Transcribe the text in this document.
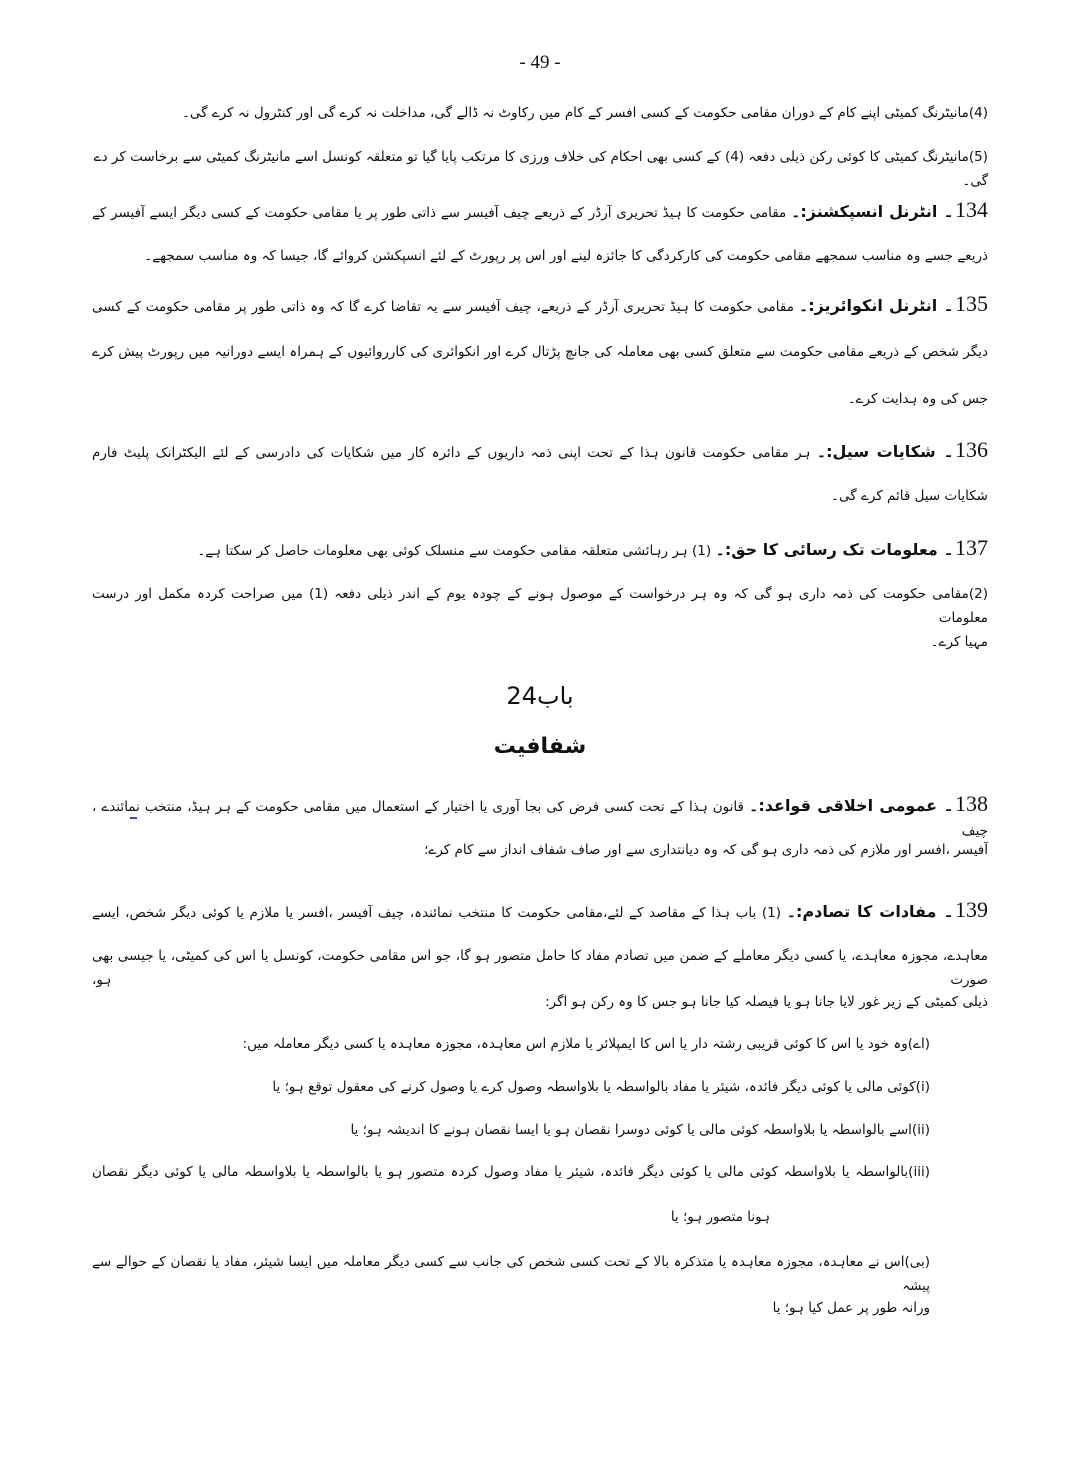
- 49 -
(4)مانیٹرنگ کمیٹی اپنے کام کے دوران مقامی حکومت کے کسی افسر کے کام میں رکاوٹ نہ ڈالے گی، مداخلت نہ کرے گی اور کنٹرول نہ کرے گی۔
(5)مانیٹرنگ کمیٹی کا کوئی رکن ذیلی دفعہ (4) کے کسی بھی احکام کی خلاف ورزی کا مرتکب پایا گیا تو متعلقہ کونسل اسے مانیٹرنگ کمیٹی سے برخاست کر دے گی۔
134۔ انٹرنل انسپکشنز:۔ مقامی حکومت کا ہیڈ تحریری آرڈر کے ذریعے چیف آفیسر سے ذاتی طور پر یا مقامی حکومت کے کسی دیگر ایسے آفیسر کے
ذریعے جسے وہ مناسب سمجھے مقامی حکومت کی کارکردگی کا جائزہ لینے اور اس پر رپورٹ کے لئے انسپکشن کروائے گا، جیسا کہ وہ مناسب سمجھے۔
135۔ انٹرنل انکوائریز:۔ مقامی حکومت کا ہیڈ تحریری آرڈر کے ذریعے، چیف آفیسر سے یہ تقاضا کرے گا کہ وہ ذاتی طور پر مقامی حکومت کے کسی
دیگر شخص کے ذریعے مقامی حکومت سے متعلق کسی بھی معاملہ کی جانچ پڑتال کرے اور انکوائری کی کارروائیوں کے ہمراہ ایسے دورانیہ میں رپورٹ پیش کرے
جس کی وہ ہدایت کرے۔
136۔ شکایات سیل:۔ ہر مقامی حکومت قانون ہذا کے تحت اپنی ذمہ داریوں کے دائرہ کار میں شکایات کی دادرسی کے لئے الیکٹرانک پلیٹ فارم
شکایات سیل قائم کرے گی۔
137۔ معلومات تک رسائی کا حق:۔ (1) ہر رہائشی متعلقہ مقامی حکومت سے منسلک کوئی بھی معلومات حاصل کر سکتا ہے۔
(2)مقامی حکومت کی ذمہ داری ہو گی کہ وہ ہر درخواست کے موصول ہونے کے چودہ یوم کے اندر ذیلی دفعہ (1) میں صراحت کردہ مکمل اور درست معلومات
مہیا کرے۔
باب24
شفافیت
138۔ عمومی اخلاقی قواعد:۔ قانون ہذا کے تحت کسی فرض کی بجا آوری یا اختیار کے استعمال میں مقامی حکومت کے ہر ہیڈ، منتخب نمائندے ، چیف
آفیسر ،افسر اور ملازم کی ذمہ داری ہو گی کہ وہ دیانتداری سے اور صاف شفاف انداز سے کام کرے؛
139۔ مفادات کا تصادم:۔ (1) باب ہذا کے مقاصد کے لئے،مقامی حکومت کا منتخب نمائندہ، چیف آفیسر ،افسر یا ملازم یا کوئی دیگر شخص، ایسے
معاہدے، مجوزہ معاہدے، یا کسی دیگر معاملے کے ضمن میں تصادم مفاد کا حامل متصور ہو گا، جو اس مقامی حکومت، کونسل یا اس کی کمیٹی، یا جیسی بھی صورت ہو،
ذیلی کمیٹی کے زیر غور لایا جانا ہو یا فیصلہ کیا جانا ہو جس کا وہ رکن ہو اگر:
(اے)وہ خود یا اس کا کوئی قریبی رشتہ دار یا اس کا ایمپلائر یا ملازم اس معاہدہ، مجوزہ معاہدہ یا کسی دیگر معاملہ میں:
(i)کوئی مالی یا کوئی دیگر فائدہ، شیئر یا مفاد بالواسطہ یا بلاواسطہ وصول کرے یا وصول کرنے کی معقول توقع ہو؛ یا
(ii)اسے بالواسطہ یا بلاواسطہ کوئی مالی یا کوئی دوسرا نقصان ہو یا ایسا نقصان ہونے کا اندیشہ ہو؛ یا
(iii)بالواسطہ یا بلاواسطہ کوئی مالی یا کوئی دیگر فائدہ، شیئر یا مفاد وصول کردہ متصور ہو یا بالواسطہ یا بلاواسطہ مالی یا کوئی دیگر نقصان
ہونا متصور ہو؛ یا
(بی)اس نے معاہدہ، مجوزہ معاہدہ یا متذکرہ بالا کے تحت کسی شخص کی جانب سے کسی دیگر معاملہ میں ایسا شیئر، مفاد یا نقصان کے حوالے سے پیشہ
ورانہ طور پر عمل کیا ہو؛ یا
